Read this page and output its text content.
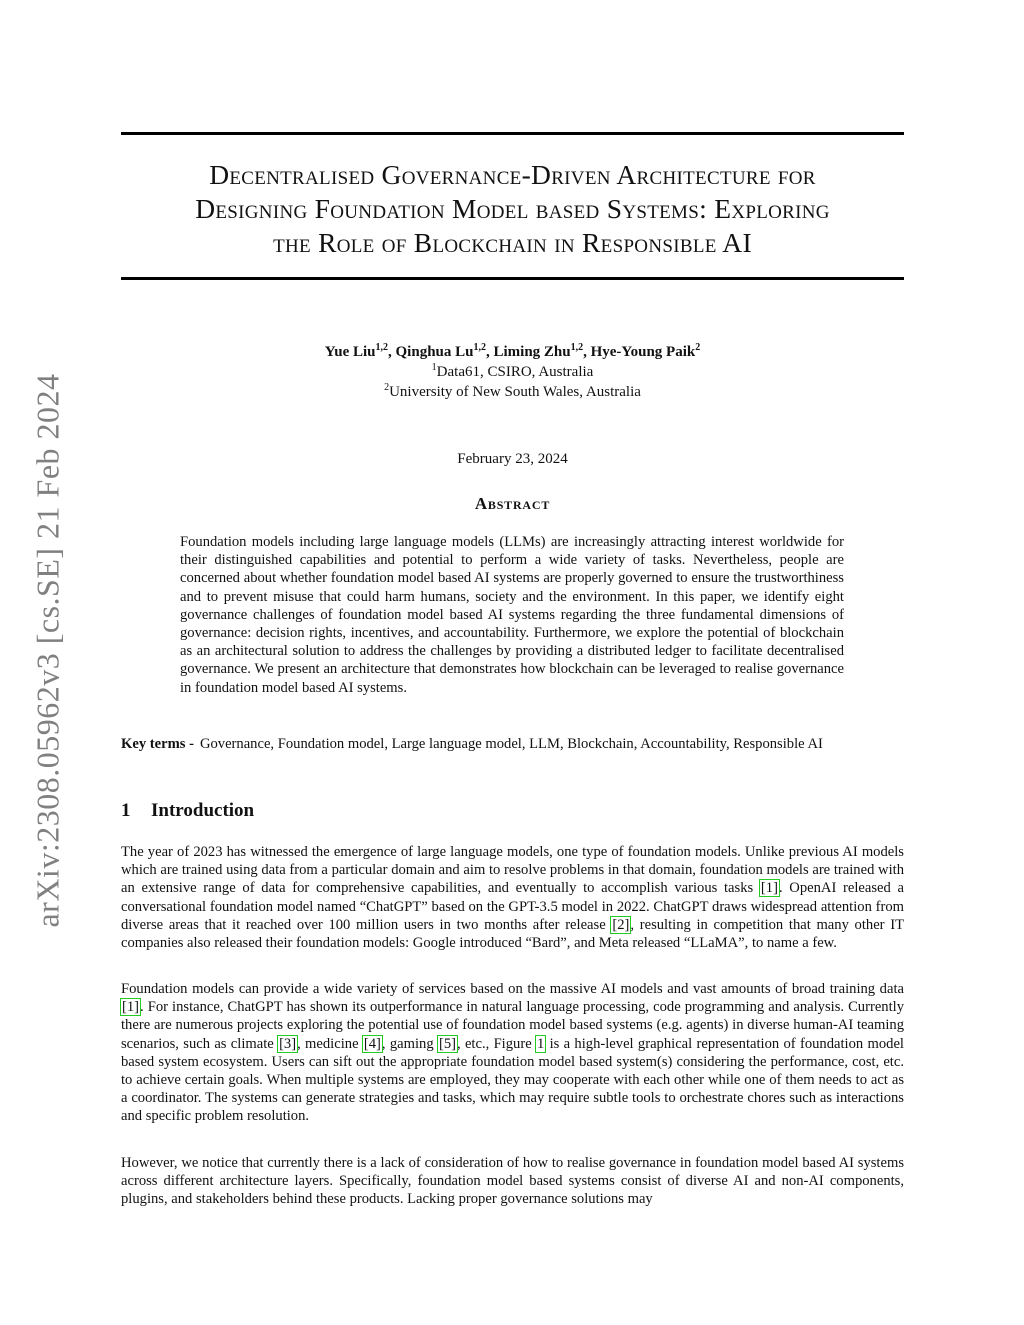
arXiv:2308.05962v3 [cs.SE] 21 Feb 2024
Decentralised Governance-Driven Architecture for
Designing Foundation Model based Systems: Exploring
the Role of Blockchain in Responsible AI
Yue Liu$^{1,2}$, Qinghua Lu$^{1,2}$, Liming Zhu$^{1,2}$, Hye-Young Paik$^2$
$^1$Data61, CSIRO, Australia
$^2$University of New South Wales, Australia
February 23, 2024
Abstract
Foundation models including large language models (LLMs) are increasingly attracting interest worldwide for their distinguished capabilities and potential to perform a wide variety of tasks. Nevertheless, people are concerned about whether foundation model based AI systems are properly governed to ensure the trustworthiness and to prevent misuse that could harm humans, society and the environment. In this paper, we identify eight governance challenges of foundation model based AI systems regarding the three fundamental dimensions of governance: decision rights, incentives, and accountability. Furthermore, we explore the potential of blockchain as an architectural solution to address the challenges by providing a distributed ledger to facilitate decentralised governance. We present an architecture that demonstrates how blockchain can be leveraged to realise governance in foundation model based AI systems.
Key terms - Governance, Foundation model, Large language model, LLM, Blockchain, Accountability, Responsible AI
1 Introduction
The year of 2023 has witnessed the emergence of large language models, one type of foundation models. Unlike previous AI models which are trained using data from a particular domain and aim to resolve problems in that domain, foundation models are trained with an extensive range of data for comprehensive capabilities, and eventually to accomplish various tasks [1]. OpenAI released a conversational foundation model named “ChatGPT” based on the GPT-3.5 model in 2022. ChatGPT draws widespread attention from diverse areas that it reached over 100 million users in two months after release [2], resulting in competition that many other IT companies also released their foundation models: Google introduced “Bard”, and Meta released “LLaMA”, to name a few.
Foundation models can provide a wide variety of services based on the massive AI models and vast amounts of broad training data [1]. For instance, ChatGPT has shown its outperformance in natural language processing, code programming and analysis. Currently there are numerous projects exploring the potential use of foundation model based systems (e.g. agents) in diverse human-AI teaming scenarios, such as climate [3], medicine [4], gaming [5], etc., Figure 1 is a high-level graphical representation of foundation model based system ecosystem. Users can sift out the appropriate foundation model based system(s) considering the performance, cost, etc. to achieve certain goals. When multiple systems are employed, they may cooperate with each other while one of them needs to act as a coordinator. The systems can generate strategies and tasks, which may require subtle tools to orchestrate chores such as interactions and specific problem resolution.
However, we notice that currently there is a lack of consideration of how to realise governance in foundation model based AI systems across different architecture layers. Specifically, foundation model based systems consist of diverse AI and non-AI components, plugins, and stakeholders behind these products. Lacking proper governance solutions may
